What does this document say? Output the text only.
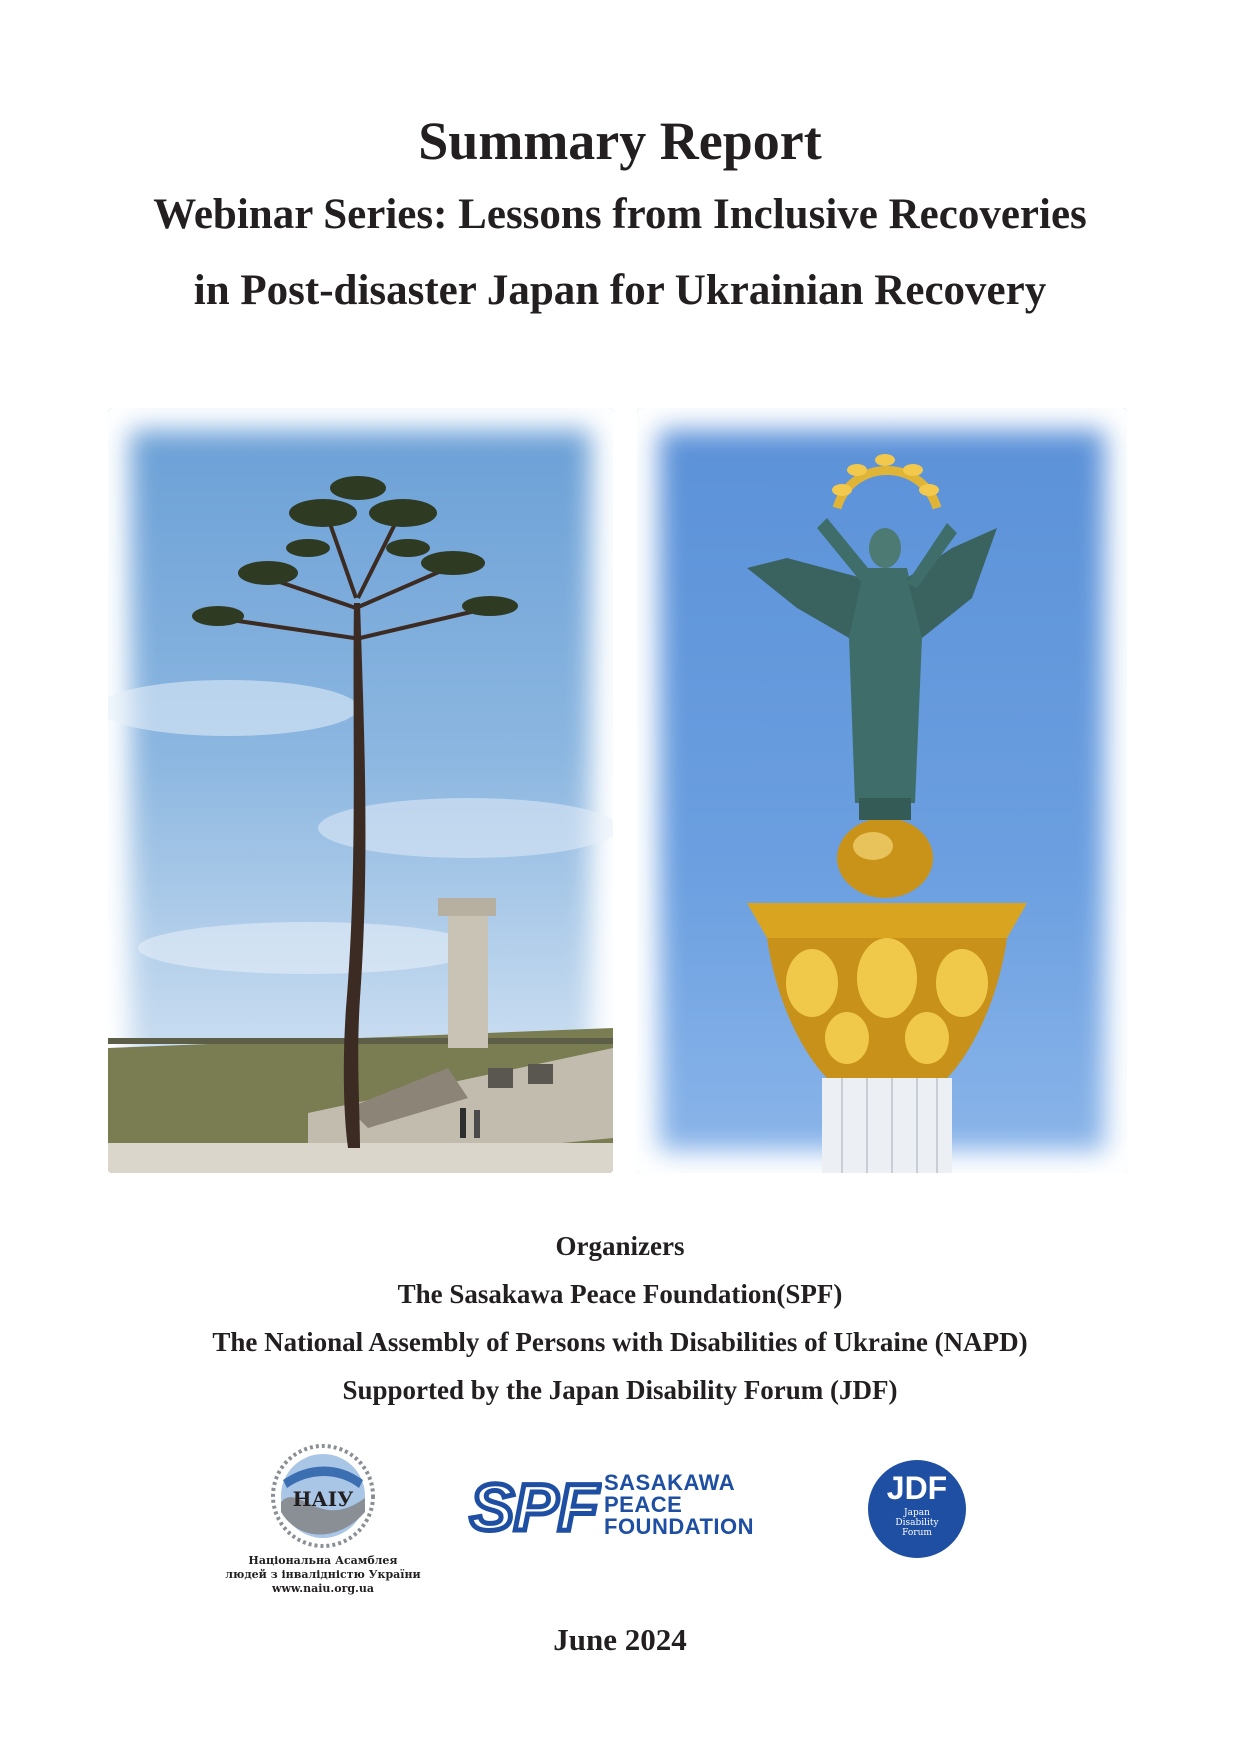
Summary Report
Webinar Series: Lessons from Inclusive Recoveries
in Post-disaster Japan for Ukrainian Recovery
Organizers
The Sasakawa Peace Foundation(SPF)
The National Assembly of Persons with Disabilities of Ukraine (NAPD)
Supported by the Japan Disability Forum (JDF)
НАІУ
Національна Асамблея
людей з інвалідністю України
www.naiu.org.ua
SPF SASAKAWA
PEACE
FOUNDATION
JDF
Japan
Disability
Forum
June 2024
